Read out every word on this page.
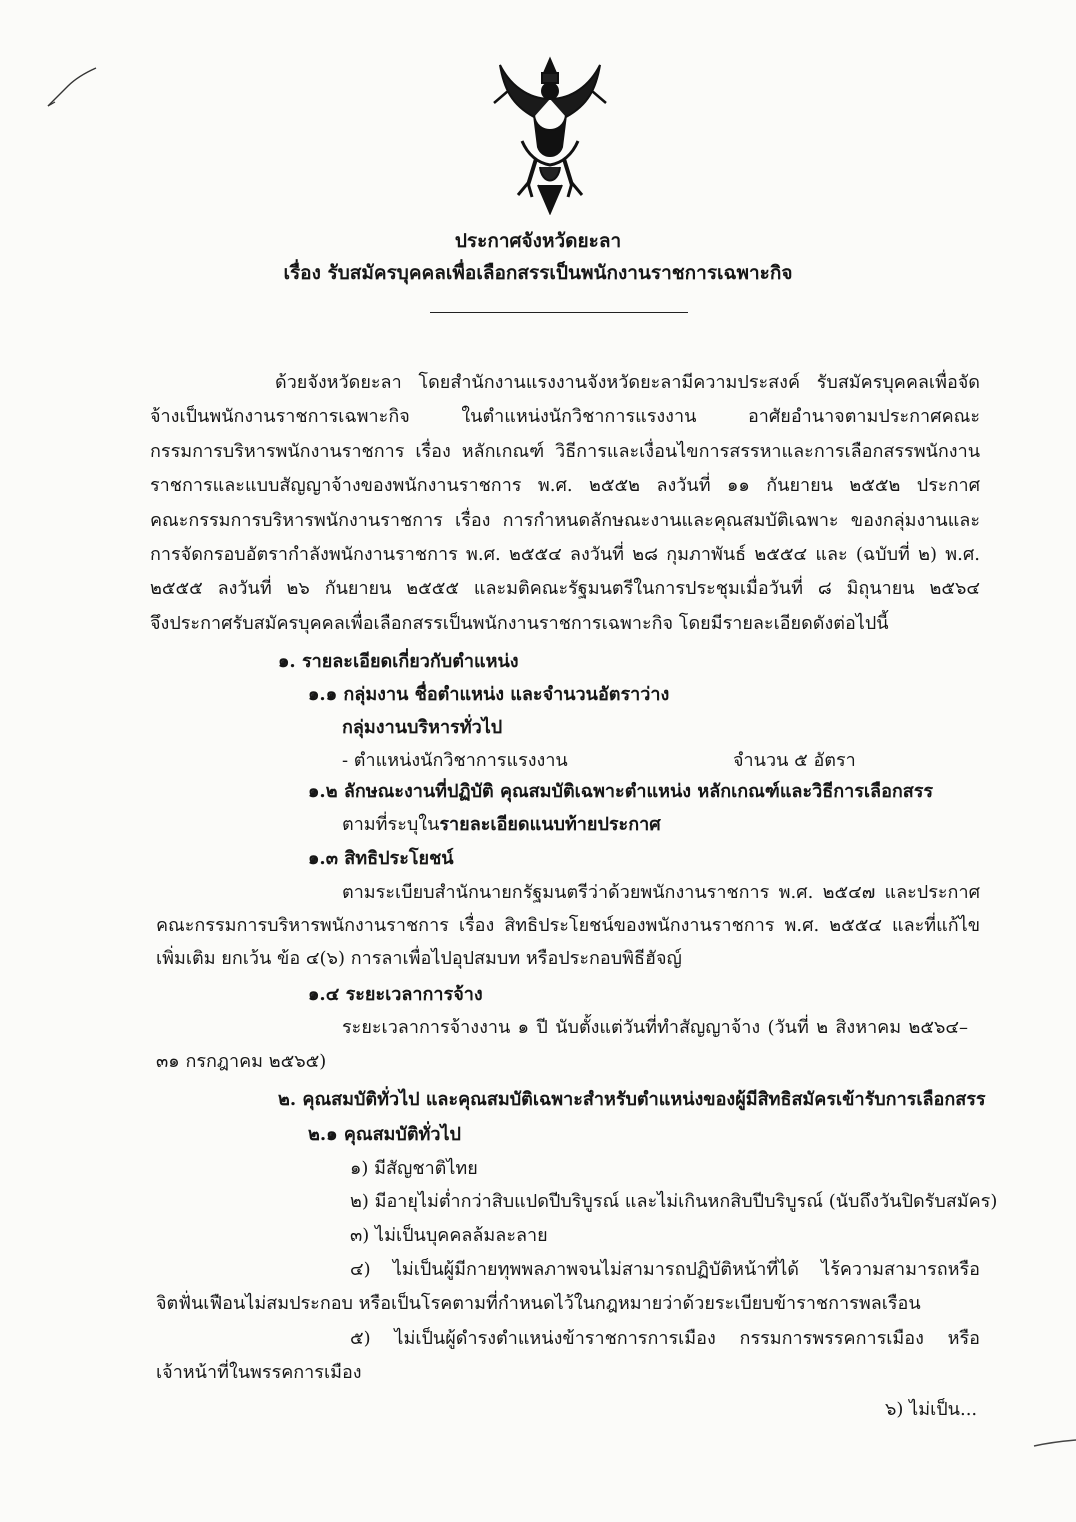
ประกาศจังหวัดยะลา
เรื่อง รับสมัครบุคคลเพื่อเลือกสรรเป็นพนักงานราชการเฉพาะกิจ
ด้วยจังหวัดยะลา โดยสำนักงานแรงงานจังหวัดยะลามีความประสงค์ รับสมัครบุคคลเพื่อจัด
จ้างเป็นพนักงานราชการเฉพาะกิจ ในตำแหน่งนักวิชาการแรงงาน อาศัยอำนาจตามประกาศคณะ
กรรมการบริหารพนักงานราชการ เรื่อง หลักเกณฑ์ วิธีการและเงื่อนไขการสรรหาและการเลือกสรรพนักงาน
ราชการและแบบสัญญาจ้างของพนักงานราชการ พ.ศ. ๒๕๕๒ ลงวันที่ ๑๑ กันยายน ๒๕๕๒ ประกาศ
คณะกรรมการบริหารพนักงานราชการ เรื่อง การกำหนดลักษณะงานและคุณสมบัติเฉพาะ ของกลุ่มงานและ
การจัดกรอบอัตรากำลังพนักงานราชการ พ.ศ. ๒๕๕๔ ลงวันที่ ๒๘ กุมภาพันธ์ ๒๕๕๔ และ (ฉบับที่ ๒) พ.ศ.
๒๕๕๕ ลงวันที่ ๒๖ กันยายน ๒๕๕๕ และมติคณะรัฐมนตรีในการประชุมเมื่อวันที่ ๘ มิถุนายน ๒๕๖๔
จึงประกาศรับสมัครบุคคลเพื่อเลือกสรรเป็นพนักงานราชการเฉพาะกิจ โดยมีรายละเอียดดังต่อไปนี้
๑. รายละเอียดเกี่ยวกับตำแหน่ง
๑.๑ กลุ่มงาน ชื่อตำแหน่ง และจำนวนอัตราว่าง
กลุ่มงานบริหารทั่วไป
- ตำแหน่งนักวิชาการแรงงาน	จำนวน ๕ อัตรา
๑.๒ ลักษณะงานที่ปฏิบัติ คุณสมบัติเฉพาะตำแหน่ง หลักเกณฑ์และวิธีการเลือกสรร
ตามที่ระบุในรายละเอียดแนบท้ายประกาศ
๑.๓ สิทธิประโยชน์
ตามระเบียบสำนักนายกรัฐมนตรีว่าด้วยพนักงานราชการ พ.ศ. ๒๕๔๗ และประกาศ
คณะกรรมการบริหารพนักงานราชการ เรื่อง สิทธิประโยชน์ของพนักงานราชการ พ.ศ. ๒๕๕๔ และที่แก้ไข
เพิ่มเติม ยกเว้น ข้อ ๔(๖) การลาเพื่อไปอุปสมบท หรือประกอบพิธีฮัจญ์
๑.๔ ระยะเวลาการจ้าง
ระยะเวลาการจ้างงาน ๑ ปี นับตั้งแต่วันที่ทำสัญญาจ้าง (วันที่ ๒ สิงหาคม ๒๕๖๔–
๓๑ กรกฎาคม ๒๕๖๕)
๒. คุณสมบัติทั่วไป และคุณสมบัติเฉพาะสำหรับตำแหน่งของผู้มีสิทธิสมัครเข้ารับการเลือกสรร
๒.๑ คุณสมบัติทั่วไป
๑) มีสัญชาติไทย
๒) มีอายุไม่ต่ำกว่าสิบแปดปีบริบูรณ์ และไม่เกินหกสิบปีบริบูรณ์ (นับถึงวันปิดรับสมัคร)
๓) ไม่เป็นบุคคลล้มละลาย
๔) ไม่เป็นผู้มีกายทุพพลภาพจนไม่สามารถปฏิบัติหน้าที่ได้ ไร้ความสามารถหรือ
จิตฟั่นเฟือนไม่สมประกอบ หรือเป็นโรคตามที่กำหนดไว้ในกฎหมายว่าด้วยระเบียบข้าราชการพลเรือน
๕) ไม่เป็นผู้ดำรงตำแหน่งข้าราชการการเมือง กรรมการพรรคการเมือง หรือ
เจ้าหน้าที่ในพรรคการเมือง
๖) ไม่เป็น...
